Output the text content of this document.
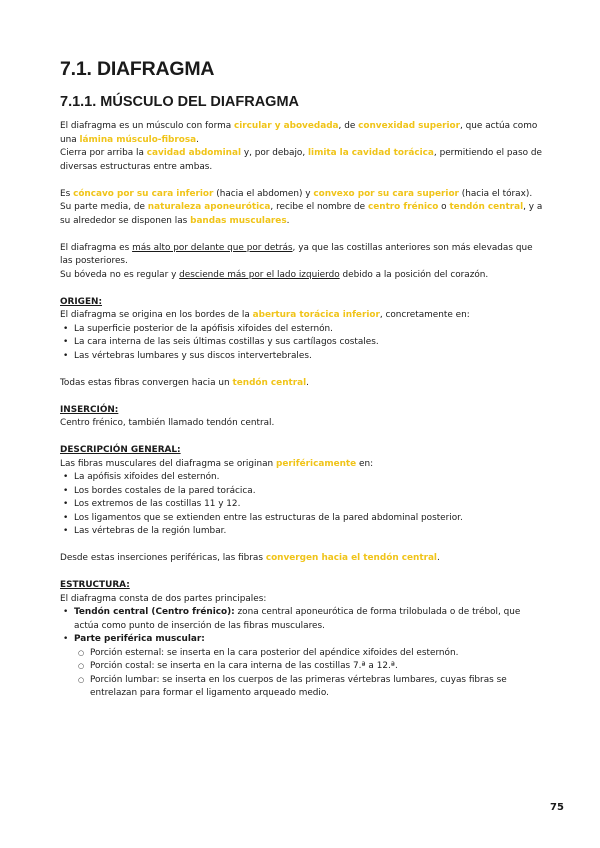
7.1. DIAFRAGMA
7.1.1. MÚSCULO DEL DIAFRAGMA

El diafragma es un músculo con forma circular y abovedada, de convexidad superior, que actúa como una lámina músculo-fibrosa.

Cierra por arriba la cavidad abdominal y, por debajo, limita la cavidad torácica, permitiendo el paso de diversas estructuras entre ambas.

Es cóncavo por su cara inferior (hacia el abdomen) y convexo por su cara superior (hacia el tórax).

Su parte media, de naturaleza aponeurótica, recibe el nombre de centro frénico o tendón central, y a su alrededor se disponen las bandas musculares.

El diafragma es más alto por delante que por detrás, ya que las costillas anteriores son más elevadas que las posteriores.

Su bóveda no es regular y desciende más por el lado izquierdo debido a la posición del corazón.

ORIGEN:

El diafragma se origina en los bordes de la abertura torácica inferior, concretamente en:

• La superficie posterior de la apófisis xifoides del esternón.
• La cara interna de las seis últimas costillas y sus cartílagos costales.
• Las vértebras lumbares y sus discos intervertebrales.

Todas estas fibras convergen hacia un tendón central.

INSERCIÓN:

Centro frénico, también llamado tendón central.

DESCRIPCIÓN GENERAL:

Las fibras musculares del diafragma se originan periféricamente en:

• La apófisis xifoides del esternón.
• Los bordes costales de la pared torácica.
• Los extremos de las costillas 11 y 12.
• Los ligamentos que se extienden entre las estructuras de la pared abdominal posterior.
• Las vértebras de la región lumbar.

Desde estas inserciones periféricas, las fibras convergen hacia el tendón central.

ESTRUCTURA:

El diafragma consta de dos partes principales:

• Tendón central (Centro frénico): zona central aponeurótica de forma trilobulada o de trébol, que actúa como punto de inserción de las fibras musculares.
• Parte periférica muscular:
○ Porción esternal: se inserta en la cara posterior del apéndice xifoides del esternón.
○ Porción costal: se inserta en la cara interna de las costillas 7.ª a 12.ª.
○ Porción lumbar: se inserta en los cuerpos de las primeras vértebras lumbares, cuyas fibras se entrelazan para formar el ligamento arqueado medio.
75
